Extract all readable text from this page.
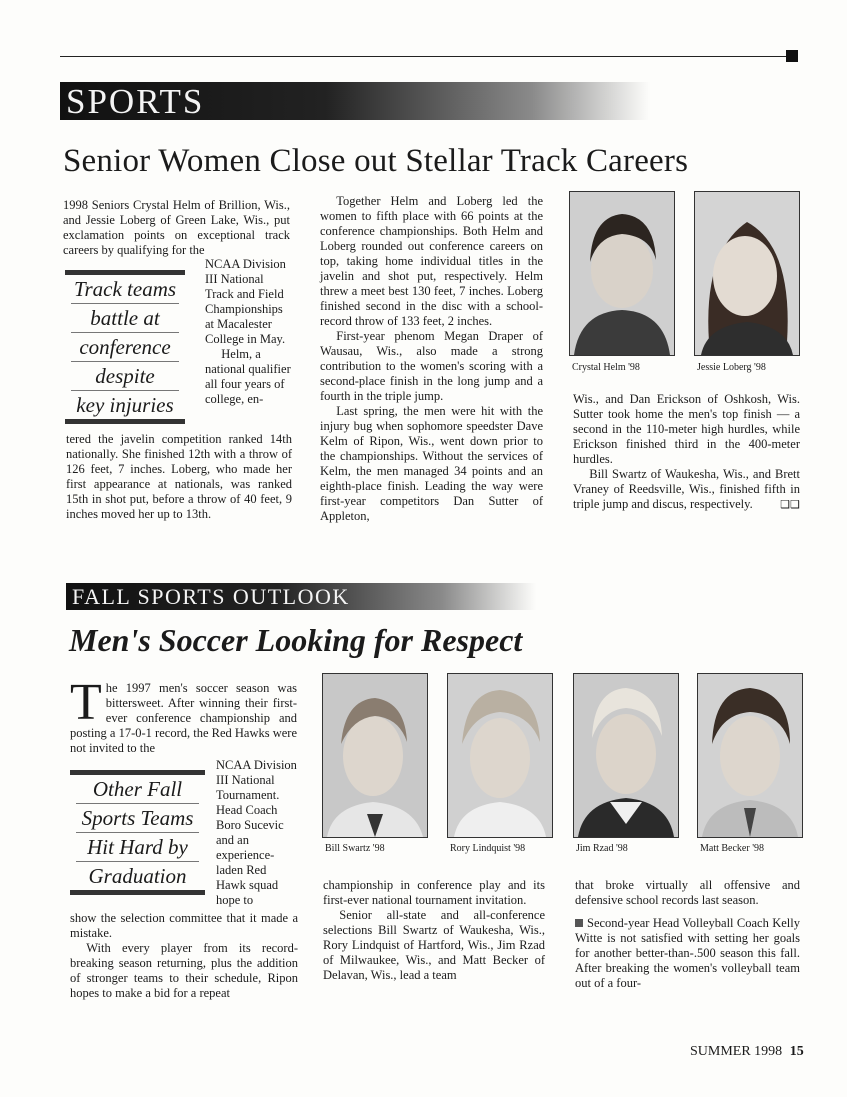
SPORTS
Senior Women Close out Stellar Track Careers

1998 Seniors Crystal Helm of Brillion, Wis., and Jessie Loberg of Green Lake, Wis., put exclamation points on exceptional track careers by qualifying for the

Track teams
battle at
conference
despite
key injuries

NCAA Division III National Track and Field Championships at Macalester College in May.

Helm, a national qualifier all four years of college, en-

tered the javelin competition ranked 14th nationally. She finished 12th with a throw of 126 feet, 7 inches. Loberg, who made her first appearance at nationals, was ranked 15th in shot put, before a throw of 40 feet, 9 inches moved her up to 13th.

Together Helm and Loberg led the women to fifth place with 66 points at the conference championships. Both Helm and Loberg rounded out conference careers on top, taking home individual titles in the javelin and shot put, respectively. Helm threw a meet best 130 feet, 7 inches. Loberg finished second in the disc with a school-record throw of 133 feet, 2 inches.

First-year phenom Megan Draper of Wausau, Wis., also made a strong contribution to the women's scoring with a second-place finish in the long jump and a fourth in the triple jump.

Last spring, the men were hit with the injury bug when sophomore speedster Dave Kelm of Ripon, Wis., went down prior to the championships. Without the services of Kelm, the men managed 34 points and an eighth-place finish. Leading the way were first-year competitors Dan Sutter of Appleton,

Crystal Helm '98	Jessie Loberg '98

Wis., and Dan Erickson of Oshkosh, Wis. Sutter took home the men's top finish — a second in the 110-meter high hurdles, while Erickson finished third in the 400-meter hurdles.

Bill Swartz of Waukesha, Wis., and Brett Vraney of Reedsville, Wis., finished fifth in triple jump and discus, respectively.	❑❑

FALL SPORTS OUTLOOK
Men's Soccer Looking for Respect
T he 1997 men's soccer season was bittersweet. After winning their first-ever conference championship and posting a 17-0-1 record, the Red Hawks were not invited to the

Other Fall
Sports Teams
Hit Hard by
Graduation

NCAA Division III National Tournament. Head Coach Boro Sucevic and an experience-laden Red Hawk squad hope to

show the selection committee that it made a mistake.

With every player from its record-breaking season returning, plus the addition of stronger teams to their schedule, Ripon hopes to make a bid for a repeat

Bill Swartz '98	Rory Lindquist '98	Jim Rzad '98	Matt Becker '98

championship in conference play and its first-ever national tournament invitation.

Senior all-state and all-conference selections Bill Swartz of Waukesha, Wis., Rory Lindquist of Hartford, Wis., Jim Rzad of Milwaukee, Wis., and Matt Becker of Delavan, Wis., lead a team

that broke virtually all offensive and defensive school records last season.

Second-year Head Volleyball Coach Kelly Witte is not satisfied with setting her goals for another better-than-.500 season this fall. After breaking the women's volleyball team out of a four-

SUMMER 1998 15
